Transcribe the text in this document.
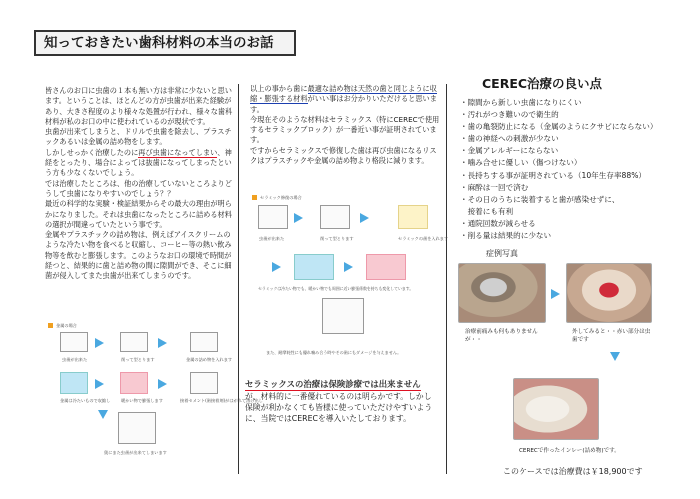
知っておきたい歯科材料の本当のお話

皆さんのお口に虫歯の１本も無い方は非常に少ないと思います。ということは、ほとんどの方が虫歯が出来た経験があり、大きさ程度のより様々な処置が行われ、様々な歯科材料が私のお口の中に使われているのが現状です。

虫歯が出来てしまうと、ドリルで虫歯を除去し、プラスチックあるいは金属の詰め物をします。

しかしせっかく治療したのに再び虫歯になってしまい、神経をとったり、場合によっては抜歯になってしまったという方も少なくないでしょう。

では治療したところは、他の治療していないところよりどうして虫歯になりやすいのでしょう？？

最近の科学的な実験・検証結果からその最大の理由が明らかになりました。それは虫歯になったところに詰める材料の選択が間違っていたという事です。

金属やプラスチックの詰め物は、例えばアイスクリームのような冷たい物を食べると収縮し、コーヒー等の熱い飲み物等を飲むと膨張します。このようなお口の環境で時間が経つと、結果的に歯と詰め物の間に隙間ができ、そこに細菌が侵入してまた虫歯が出来てしまうのです。

金属の場合
虫歯が出来た	削って型とります	金属の詰め物を入れます
金属は冷たいもので収縮し	暖かい物で膨張します	接着セメント(歯接着剤)がはがれて溶け出し
奥にまた虫歯が出来てしまいます

以上の事から歯に最適な詰め物は天然の歯と同じように収縮・膨張する材料がいい事はお分かりいただけると思います。

今現在そのような材料はセラミックス（特にCERECで使用するセラミックブロック）が一番近い事が証明されています。

ですからセラミックスで修復した歯は再び虫歯になるリスクはプラスチックや金属の詰め物より格段に減ります。

セラミック修復の場合
虫歯が出来た	削って型とります	セラミックの歯を入れます
セラミックは冷たい物でも、暖かい物でも周囲に近い膨張係数を持ちも変化しています。
また、耐摩耗性にも優れ噛み合う時やその歯にもダメージを与えません。
セラミックスの治療は保険診療では出来ません
が、材料的に一番優れているのは明らかです。しかし保険が利かなくても皆様に使っていただけやすいように、当院ではCERECを導入いたしております。
CEREC治療の良い点
・隙間から新しい虫歯になりにくい
・汚れがつき難いので衛生的
・歯の亀裂防止になる（金属のようにクサビにならない）
・歯の神経への刺激が少ない
・金属アレルギーにならない
・噛み合せに優しい（傷つけない）
・長持ちする事が証明されている（10年生存率88%）
・麻酔は一回で済む
・その日のうちに装着すると歯が感染せずに、
　接着にも有利
・通院回数が減らせる
・削る量は結果的に少ない
症例写真
治療前痛みも何もありませんが・・
外してみると・・赤い部分は虫歯です
CERECで作ったインレー(詰め物)です。
このケースでは治療費は￥18,900です
